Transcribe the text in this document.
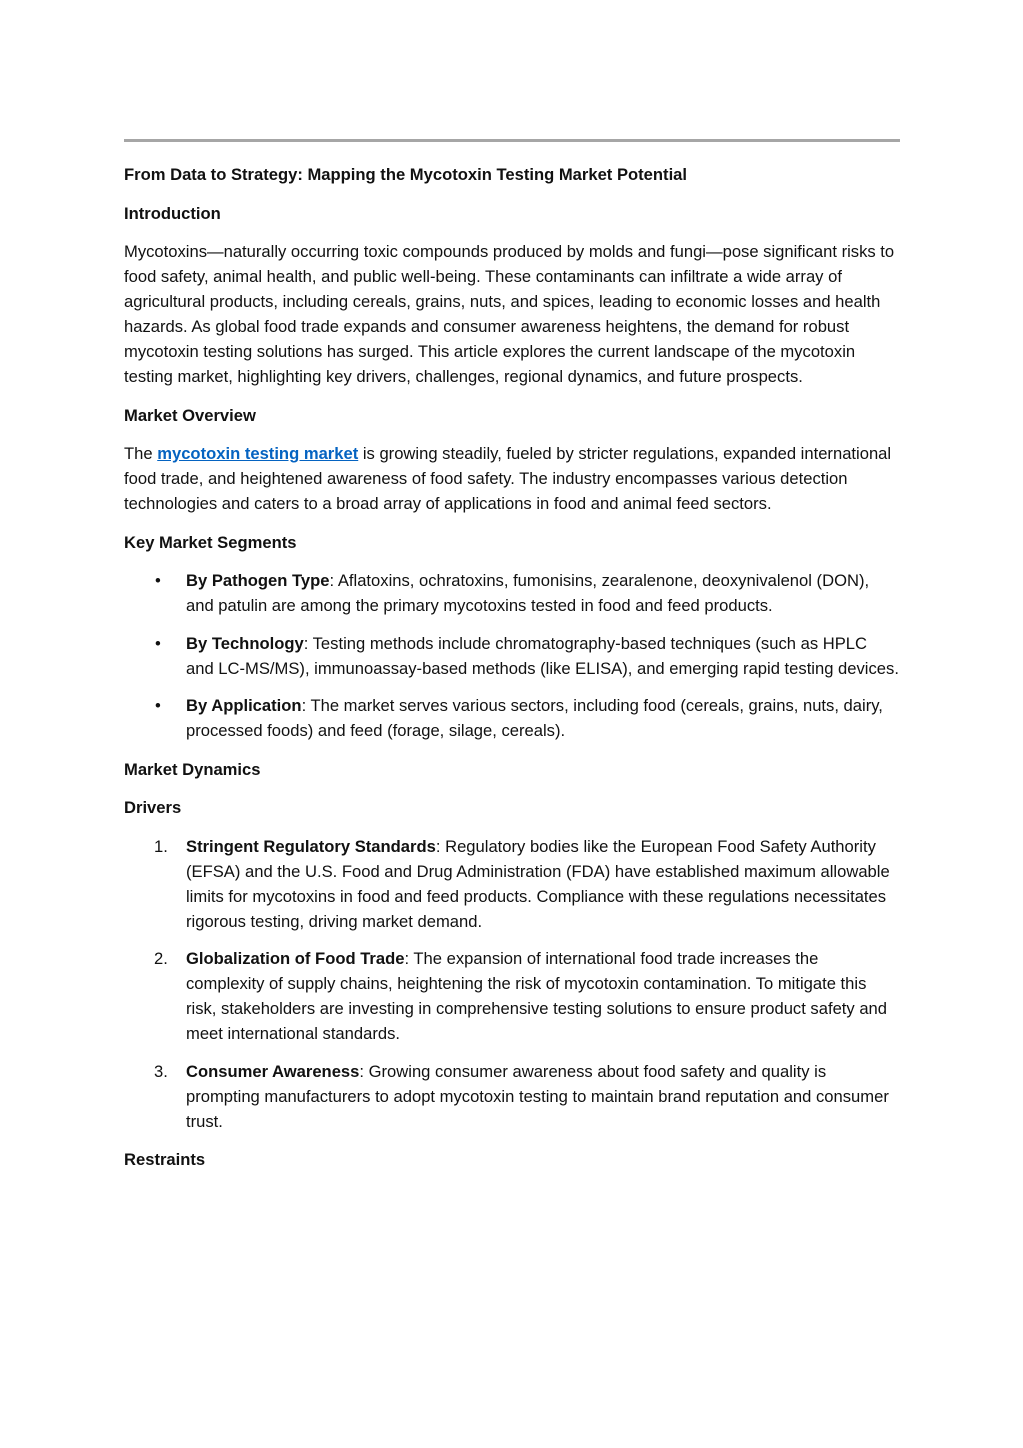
From Data to Strategy: Mapping the Mycotoxin Testing Market Potential

Introduction

Mycotoxins—naturally occurring toxic compounds produced by molds and fungi—pose significant risks to food safety, animal health, and public well-being. These contaminants can infiltrate a wide array of agricultural products, including cereals, grains, nuts, and spices, leading to economic losses and health hazards. As global food trade expands and consumer awareness heightens, the demand for robust mycotoxin testing solutions has surged. This article explores the current landscape of the mycotoxin testing market, highlighting key drivers, challenges, regional dynamics, and future prospects.

Market Overview

The mycotoxin testing market is growing steadily, fueled by stricter regulations, expanded international food trade, and heightened awareness of food safety. The industry encompasses various detection technologies and caters to a broad array of applications in food and animal feed sectors.

Key Market Segments

•	By Pathogen Type: Aflatoxins, ochratoxins, fumonisins, zearalenone, deoxynivalenol (DON), and patulin are among the primary mycotoxins tested in food and feed products.
•	By Technology: Testing methods include chromatography-based techniques (such as HPLC and LC-MS/MS), immunoassay-based methods (like ELISA), and emerging rapid testing devices.
•	By Application: The market serves various sectors, including food (cereals, grains, nuts, dairy, processed foods) and feed (forage, silage, cereals).

Market Dynamics

Drivers

1.	Stringent Regulatory Standards: Regulatory bodies like the European Food Safety Authority (EFSA) and the U.S. Food and Drug Administration (FDA) have established maximum allowable limits for mycotoxins in food and feed products. Compliance with these regulations necessitates rigorous testing, driving market demand.
2.	Globalization of Food Trade: The expansion of international food trade increases the complexity of supply chains, heightening the risk of mycotoxin contamination. To mitigate this risk, stakeholders are investing in comprehensive testing solutions to ensure product safety and meet international standards.
3.	Consumer Awareness: Growing consumer awareness about food safety and quality is prompting manufacturers to adopt mycotoxin testing to maintain brand reputation and consumer trust.

Restraints
